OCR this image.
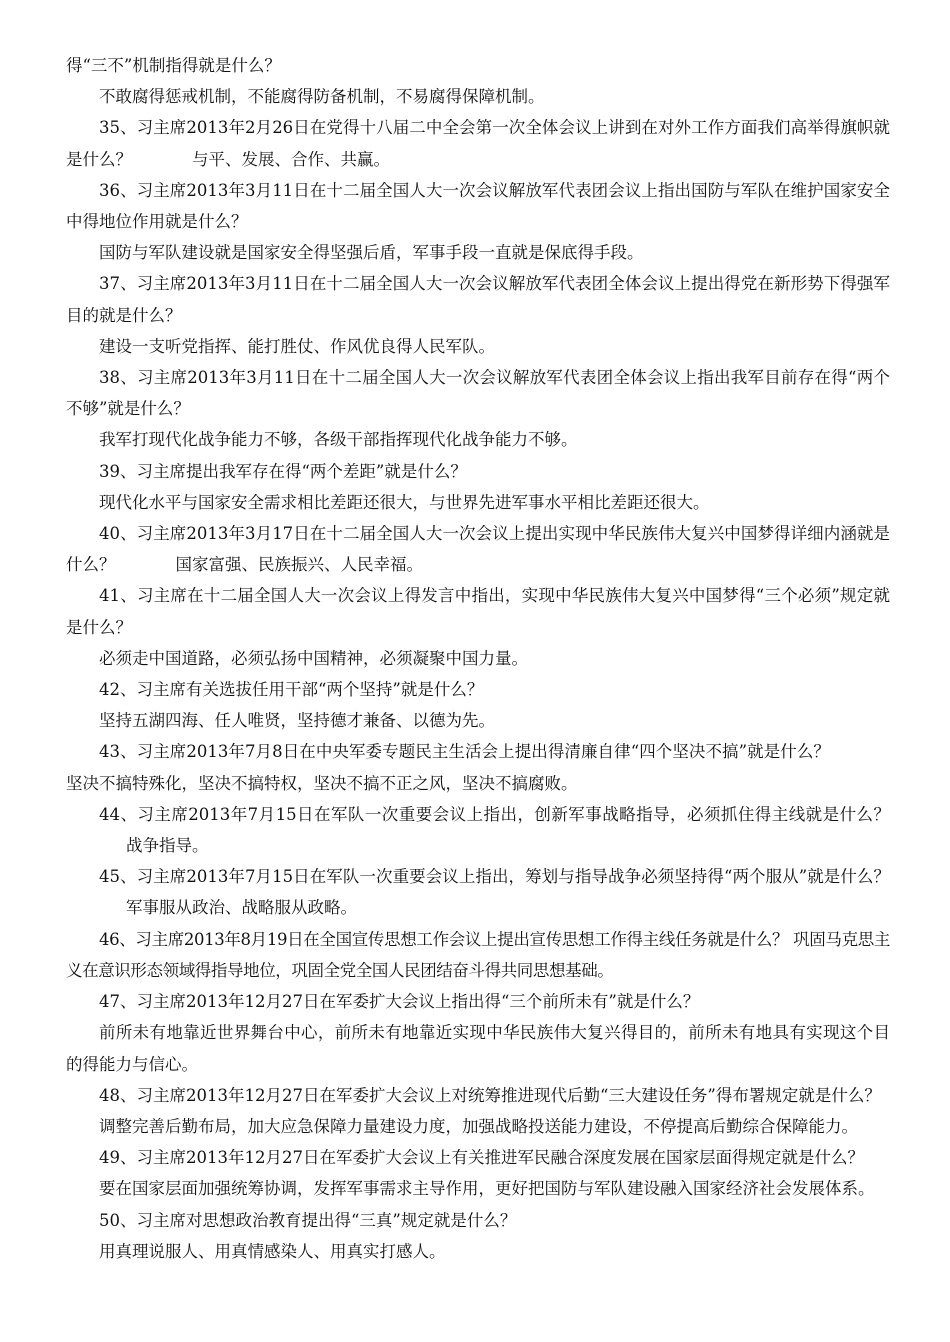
得“三不”机制指得就是什么？

不敢腐得惩戒机制，不能腐得防备机制，不易腐得保障机制。

35、习主席2013年2月26日在党得十八届二中全会第一次全体会议上讲到在对外工作方面我们高举得旗帜就是什么？	与平、发展、合作、共赢。

36、习主席2013年3月11日在十二届全国人大一次会议解放军代表团会议上指出国防与军队在维护国家安全中得地位作用就是什么？

国防与军队建设就是国家安全得坚强后盾，军事手段一直就是保底得手段。

37、习主席2013年3月11日在十二届全国人大一次会议解放军代表团全体会议上提出得党在新形势下得强军目的就是什么？

建设一支听党指挥、能打胜仗、作风优良得人民军队。

38、习主席2013年3月11日在十二届全国人大一次会议解放军代表团全体会议上指出我军目前存在得“两个不够”就是什么？

我军打现代化战争能力不够，各级干部指挥现代化战争能力不够。

39、习主席提出我军存在得“两个差距”就是什么？

现代化水平与国家安全需求相比差距还很大，与世界先进军事水平相比差距还很大。

40、习主席2013年3月17日在十二届全国人大一次会议上提出实现中华民族伟大复兴中国梦得详细内涵就是什么？	国家富强、民族振兴、人民幸福。

41、习主席在十二届全国人大一次会议上得发言中指出，实现中华民族伟大复兴中国梦得“三个必须”规定就是什么？

必须走中国道路，必须弘扬中国精神，必须凝聚中国力量。

42、习主席有关选拔任用干部“两个坚持”就是什么？

坚持五湖四海、任人唯贤，坚持德才兼备、以德为先。

43、习主席2013年7月8日在中央军委专题民主生活会上提出得清廉自律“四个坚决不搞”就是什么？坚决不搞特殊化，坚决不搞特权，坚决不搞不正之风，坚决不搞腐败。

44、习主席2013年7月15日在军队一次重要会议上指出，创新军事战略指导，必须抓住得主线就是什么？战争指导。

45、习主席2013年7月15日在军队一次重要会议上指出，筹划与指导战争必须坚持得“两个服从”就是什么？军事服从政治、战略服从政略。

46、习主席2013年8月19日在全国宣传思想工作会议上提出宣传思想工作得主线任务就是什么？ 巩固马克思主义在意识形态领域得指导地位，巩固全党全国人民团结奋斗得共同思想基础。

47、习主席2013年12月27日在军委扩大会议上指出得“三个前所未有”就是什么？

前所未有地靠近世界舞台中心，前所未有地靠近实现中华民族伟大复兴得目的，前所未有地具有实现这个目的得能力与信心。

48、习主席2013年12月27日在军委扩大会议上对统筹推进现代后勤“三大建设任务”得布署规定就是什么？

调整完善后勤布局，加大应急保障力量建设力度，加强战略投送能力建设，不停提高后勤综合保障能力。

49、习主席2013年12月27日在军委扩大会议上有关推进军民融合深度发展在国家层面得规定就是什么？

要在国家层面加强统筹协调，发挥军事需求主导作用，更好把国防与军队建设融入国家经济社会发展体系。

50、习主席对思想政治教育提出得“三真”规定就是什么？

用真理说服人、用真情感染人、用真实打感人。
